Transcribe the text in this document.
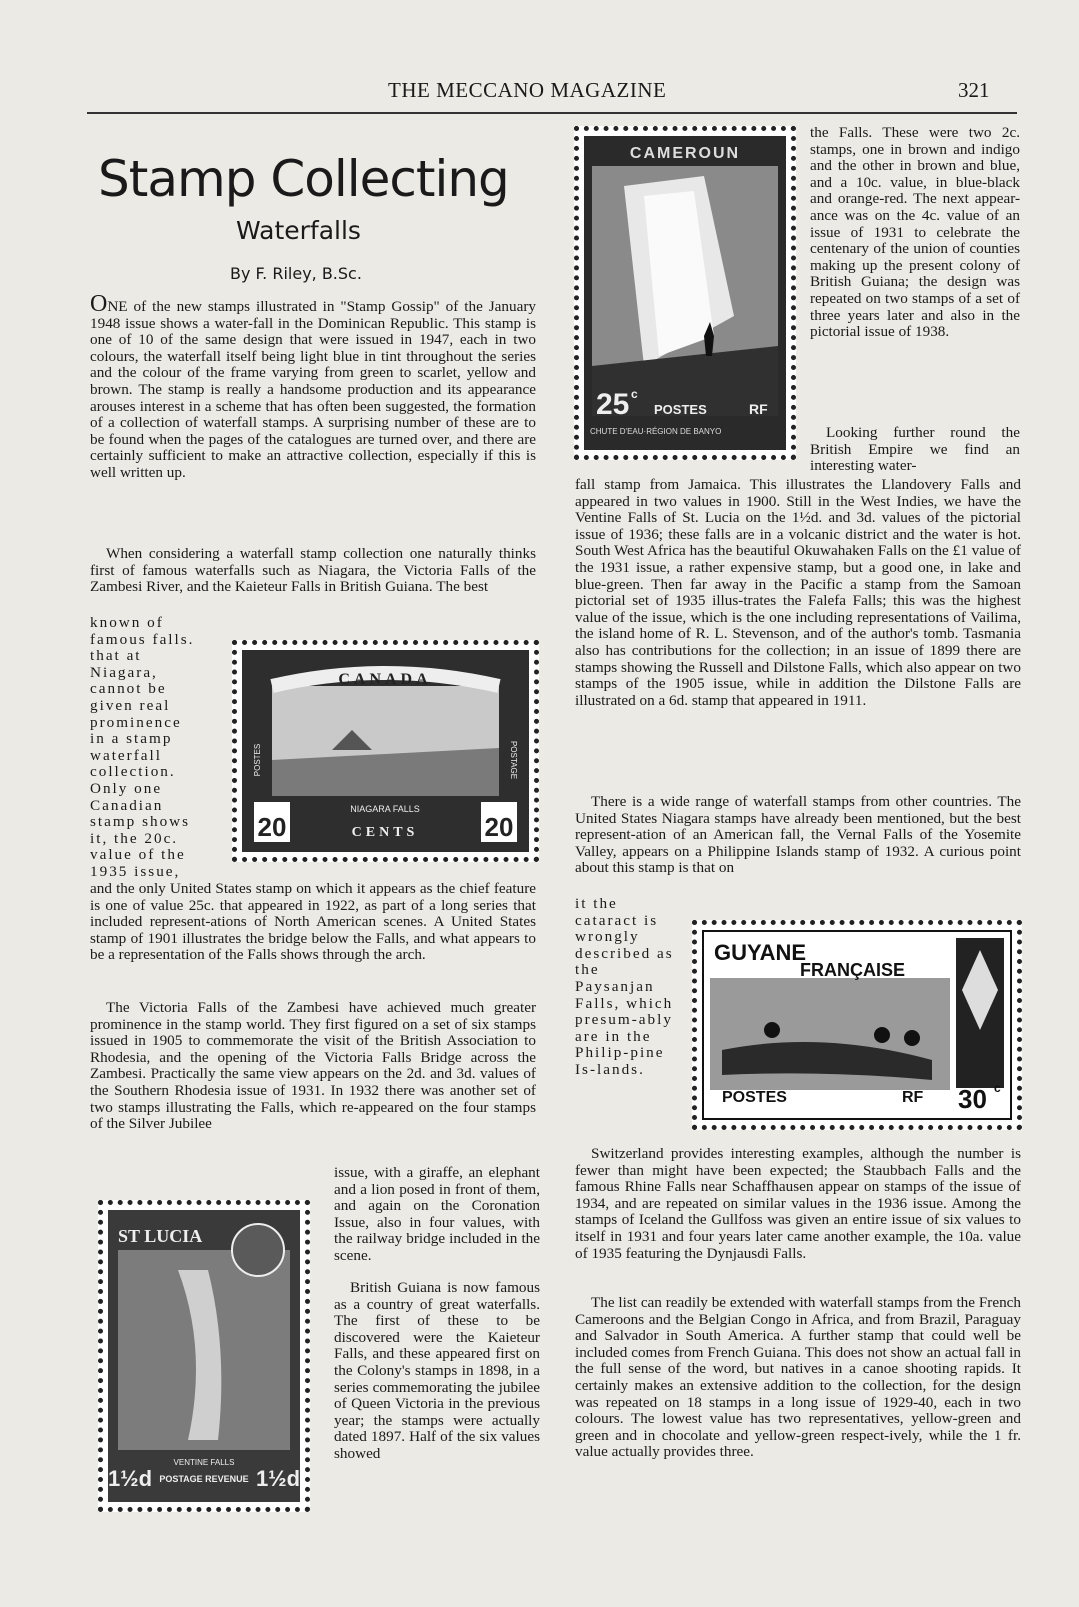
THE MECCANO MAGAZINE	321
Stamp Collecting
Waterfalls
By F. Riley, B.Sc.

ONE of the new stamps illustrated in "Stamp Gossip" of the January 1948 issue shows a water-fall in the Dominican Republic. This stamp is one of 10 of the same design that were issued in 1947, each in two colours, the waterfall itself being light blue in tint throughout the series and the colour of the frame varying from green to scarlet, yellow and brown. The stamp is really a handsome production and its appearance arouses interest in a scheme that has often been suggested, the formation of a collection of waterfall stamps. A surprising number of these are to be found when the pages of the catalogues are turned over, and there are certainly sufficient to make an attractive collection, especially if this is well written up.

When considering a waterfall stamp collection one naturally thinks first of famous waterfalls such as Niagara, the Victoria Falls of the Zambesi River, and the Kaieteur Falls in British Guiana. The best

known of famous falls. that at Niagara, cannot be given real prominence in a stamp waterfall collection. Only one Canadian stamp shows it, the 20c. value of the 1935 issue,

and the only United States stamp on which it appears as the chief feature is one of value 25c. that appeared in 1922, as part of a long series that included represent-ations of North American scenes. A United States stamp of 1901 illustrates the bridge below the Falls, and what appears to be a representation of the Falls shows through the arch.

The Victoria Falls of the Zambesi have achieved much greater prominence in the stamp world. They first figured on a set of six stamps issued in 1905 to commemorate the visit of the British Association to Rhodesia, and the opening of the Victoria Falls Bridge across the Zambesi. Practically the same view appears on the 2d. and 3d. values of the Southern Rhodesia issue of 1931. In 1932 there was another set of two stamps illustrating the Falls, which re-appeared on the four stamps of the Silver Jubilee

issue, with a giraffe, an elephant and a lion posed in front of them, and again on the Coronation Issue, also in four values, with the railway bridge included in the scene.

British Guiana is now famous as a country of great waterfalls. The first of these to be discovered were the Kaieteur Falls, and these appeared first on the Colony's stamps in 1898, in a series commemorating the jubilee of Queen Victoria in the previous year; the stamps were actually dated 1897. Half of the six values showed

the Falls. These were two 2c. stamps, one in brown and indigo and the other in brown and blue, and a 10c. value, in blue-black and orange-red. The next appear-ance was on the 4c. value of an issue of 1931 to celebrate the centenary of the union of counties making up the present colony of British Guiana; the design was repeated on two stamps of a set of three years later and also in the pictorial issue of 1938.

Looking further round the British Empire we find an interesting water-

fall stamp from Jamaica. This illustrates the Llandovery Falls and appeared in two values in 1900. Still in the West Indies, we have the Ventine Falls of St. Lucia on the 1½d. and 3d. values of the pictorial issue of 1936; these falls are in a volcanic district and the water is hot. South West Africa has the beautiful Okuwahaken Falls on the £1 value of the 1931 issue, a rather expensive stamp, but a good one, in lake and blue-green. Then far away in the Pacific a stamp from the Samoan pictorial set of 1935 illus-trates the Falefa Falls; this was the highest value of the issue, which is the one including representations of Vailima, the island home of R. L. Stevenson, and of the author's tomb. Tasmania also has contributions for the collection; in an issue of 1899 there are stamps showing the Russell and Dilstone Falls, which also appear on two stamps of the 1905 issue, while in addition the Dilstone Falls are illustrated on a 6d. stamp that appeared in 1911.

There is a wide range of waterfall stamps from other countries. The United States Niagara stamps have already been mentioned, but the best represent-ation of an American fall, the Vernal Falls of the Yosemite Valley, appears on a Philippine Islands stamp of 1932. A curious point about this stamp is that on

it the cataract is wrongly described as the Paysanjan Falls, which presum-ably are in the Philip-pine Is-lands.

Switzerland provides interesting examples, although the number is fewer than might have been expected; the Staubbach Falls and the famous Rhine Falls near Schaffhausen appear on stamps of the issue of 1934, and are repeated on similar values in the 1936 issue. Among the stamps of Iceland the Gullfoss was given an entire issue of six values to itself in 1931 and four years later came another example, the 10a. value of 1935 featuring the Dynjausdi Falls.

The list can readily be extended with waterfall stamps from the French Cameroons and the Belgian Congo in Africa, and from Brazil, Paraguay and Salvador in South America. A further stamp that could well be included comes from French Guiana. This does not show an actual fall in the full sense of the word, but natives in a canoe shooting rapids. It certainly makes an extensive addition to the collection, for the design was repeated on 18 stamps in a long issue of 1929-40, each in two colours. The lowest value has two representatives, yellow-green and green and in chocolate and yellow-green respect-ively, while the 1 fr. value actually provides three.

CAMEROUN
25 c
POSTES	RF
CHUTE D'EAU·RÉGION DE BANYO
CANADA
POSTES	POSTAGE
20	20
NIAGARA FALLS
CENTS
GUYANE
FRANÇAISE
POSTES	RF 30 c
ST LUCIA
1½d	1½d
VENTINE FALLS
POSTAGE REVENUE
